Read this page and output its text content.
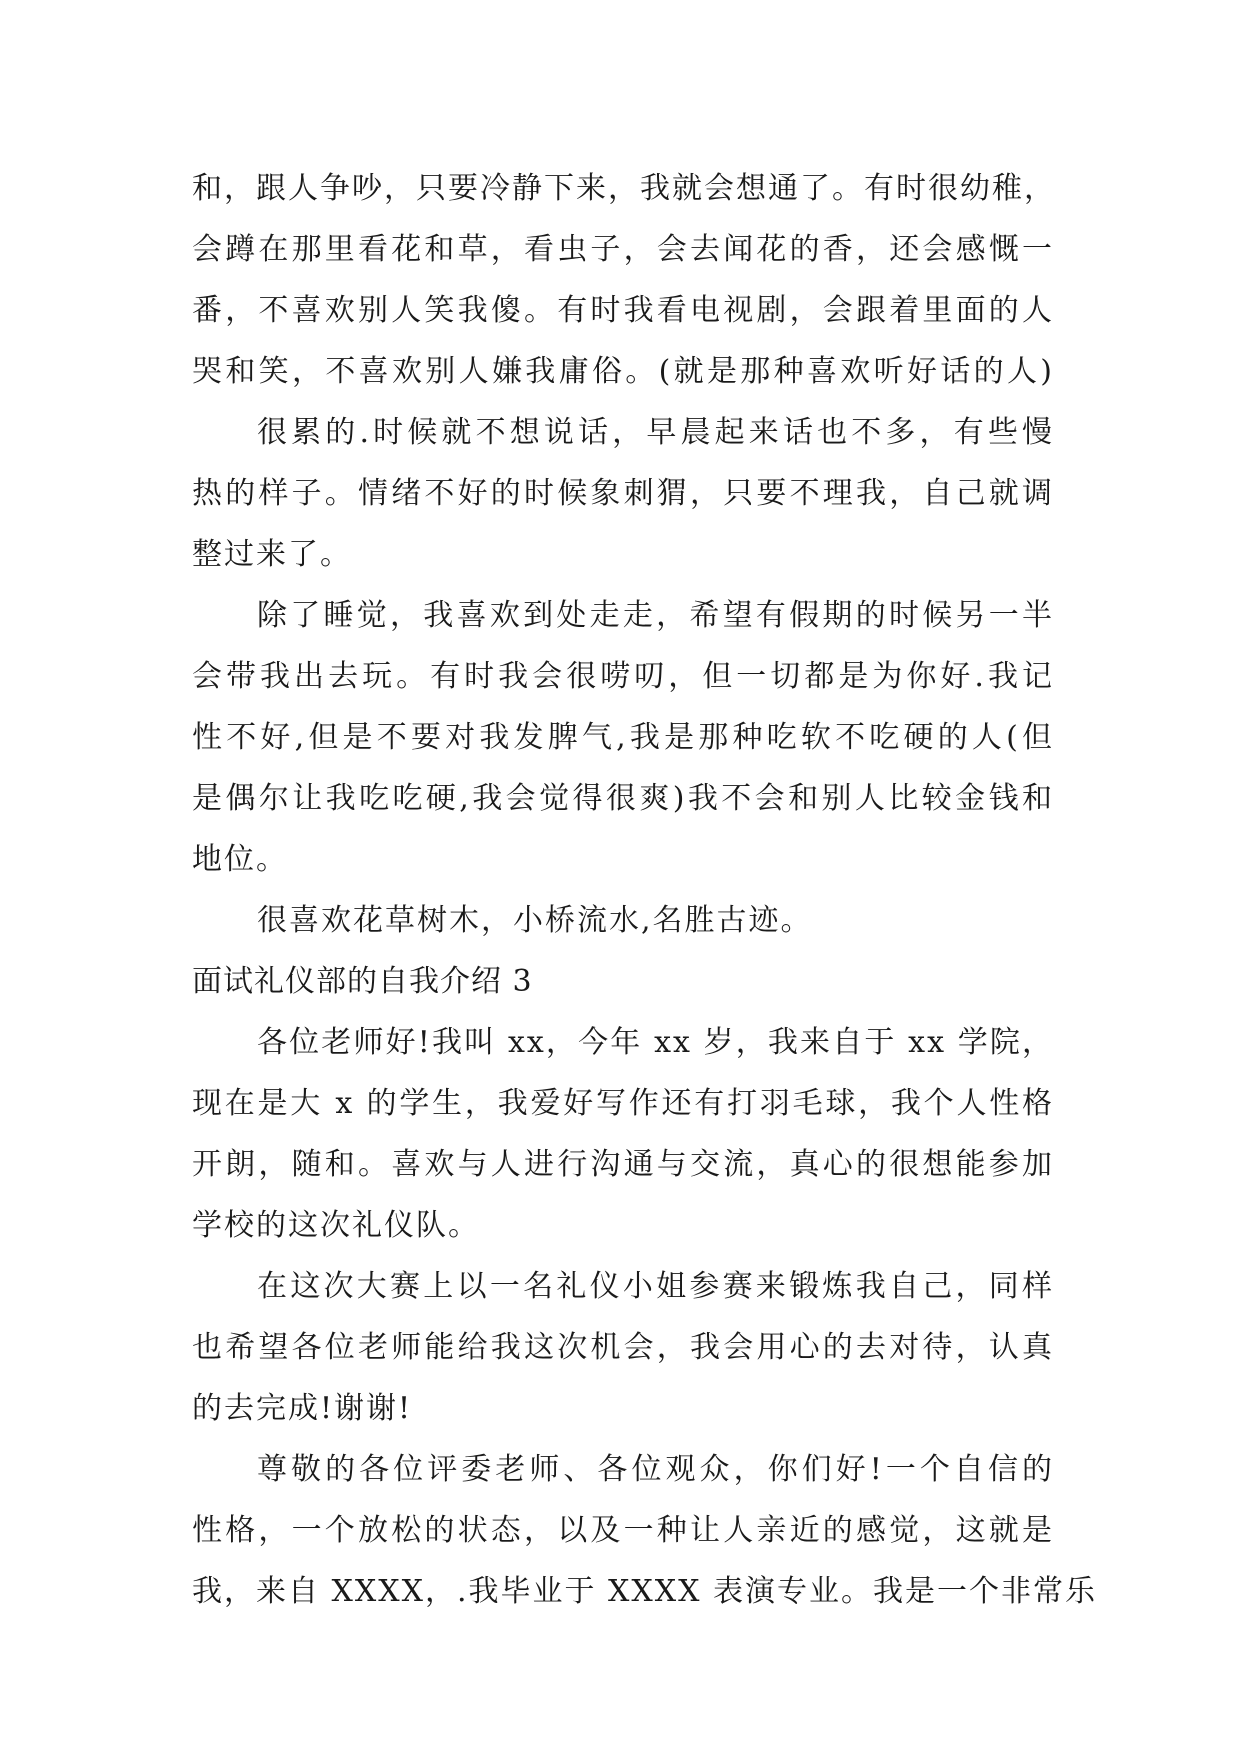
和，跟人争吵，只要冷静下来，我就会想通了。有时很幼稚，
会蹲在那里看花和草，看虫子，会去闻花的香，还会感慨一
番，不喜欢别人笑我傻。有时我看电视剧，会跟着里面的人
哭和笑，不喜欢别人嫌我庸俗。(就是那种喜欢听好话的人)
很累的.时候就不想说话，早晨起来话也不多，有些慢
热的样子。情绪不好的时候象刺猬，只要不理我，自己就调
整过来了。
除了睡觉，我喜欢到处走走，希望有假期的时候另一半
会带我出去玩。有时我会很唠叨，但一切都是为你好.我记
性不好,但是不要对我发脾气,我是那种吃软不吃硬的人(但
是偶尔让我吃吃硬,我会觉得很爽)我不会和别人比较金钱和
地位。
很喜欢花草树木，小桥流水,名胜古迹。
面试礼仪部的自我介绍 3
各位老师好!我叫 xx，今年 xx 岁，我来自于 xx 学院，
现在是大 x 的学生，我爱好写作还有打羽毛球，我个人性格
开朗，随和。喜欢与人进行沟通与交流，真心的很想能参加
学校的这次礼仪队。
在这次大赛上以一名礼仪小姐参赛来锻炼我自己，同样
也希望各位老师能给我这次机会，我会用心的去对待，认真
的去完成!谢谢!
尊敬的各位评委老师、各位观众，你们好!一个自信的
性格，一个放松的状态，以及一种让人亲近的感觉，这就是
我，来自 XXXX，.我毕业于 XXXX 表演专业。我是一个非常乐
